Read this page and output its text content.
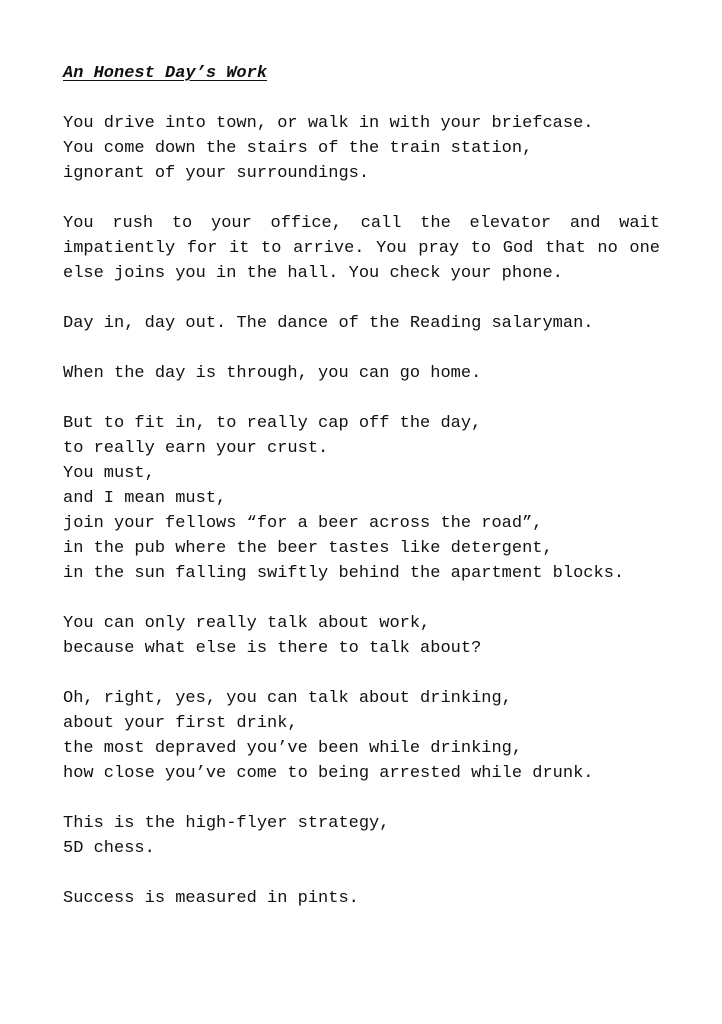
An Honest Day’s Work

You drive into town, or walk in with your briefcase.
You come down the stairs of the train station,
ignorant of your surroundings.

You rush to your office, call the elevator and wait impatiently for it to arrive. You pray to God that no one else joins you in the hall. You check your phone.

Day in, day out. The dance of the Reading salaryman.

When the day is through, you can go home.

But to fit in, to really cap off the day,
to really earn your crust.
You must,
and I mean must,
join your fellows “for a beer across the road”,
in the pub where the beer tastes like detergent,
in the sun falling swiftly behind the apartment blocks.

You can only really talk about work,
because what else is there to talk about?

Oh, right, yes, you can talk about drinking,
about your first drink,
the most depraved you’ve been while drinking,
how close you’ve come to being arrested while drunk.

This is the high-flyer strategy,
5D chess.

Success is measured in pints.
